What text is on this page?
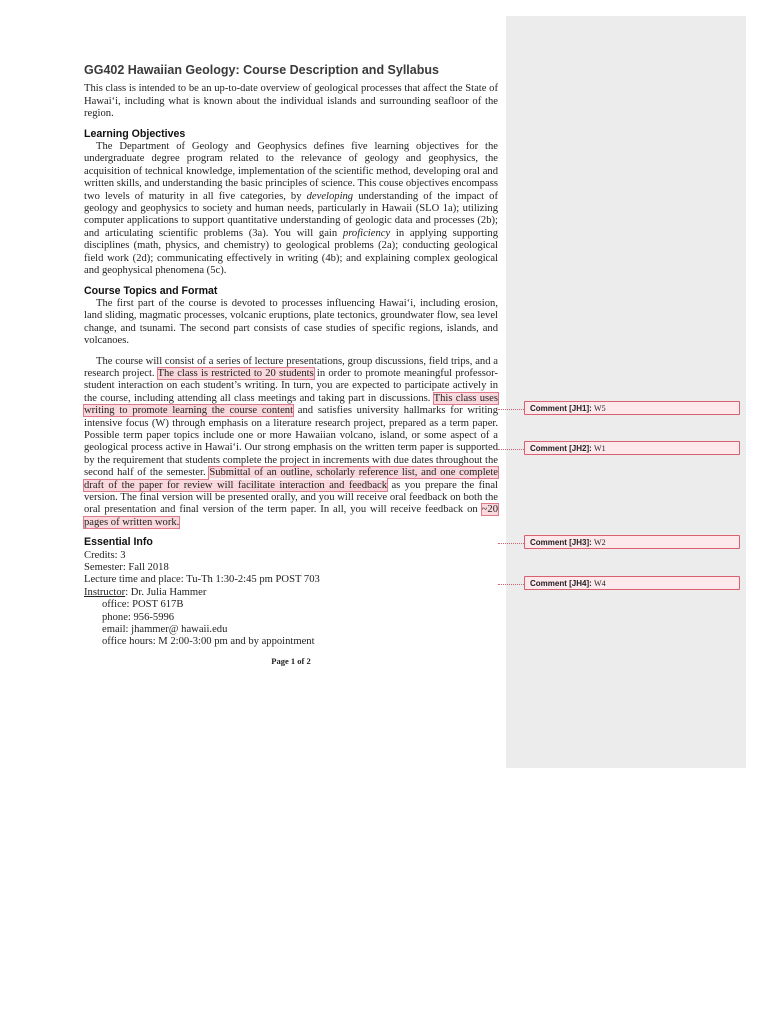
GG402 Hawaiian Geology: Course Description and Syllabus

This class is intended to be an up-to-date overview of geological processes that affect the State of Hawai‘i, including what is known about the individual islands and surrounding seafloor of the region.

Learning Objectives

The Department of Geology and Geophysics defines five learning objectives for the undergraduate degree program related to the relevance of geology and geophysics, the acquisition of technical knowledge, implementation of the scientific method, developing oral and written skills, and understanding the basic principles of science. This couse objectives encompass two levels of maturity in all five categories, by developing understanding of the impact of geology and geophysics to society and human needs, particularly in Hawaii (SLO 1a); utilizing computer applications to support quantitative understanding of geologic data and processes (2b); and articulating scientific problems (3a). You will gain proficiency in applying supporting disciplines (math, physics, and chemistry) to geological problems (2a); conducting geological field work (2d); communicating effectively in writing (4b); and explaining complex geological and geophysical phenomena (5c).

Course Topics and Format

The first part of the course is devoted to processes influencing Hawai‘i, including erosion, land sliding, magmatic processes, volcanic eruptions, plate tectonics, groundwater flow, sea level change, and tsunami. The second part consists of case studies of specific regions, islands, and volcanoes.

The course will consist of a series of lecture presentations, group discussions, field trips, and a research project. The class is restricted to 20 students in order to promote meaningful professor-student interaction on each student’s writing. In turn, you are expected to participate actively in the course, including attending all class meetings and taking part in discussions. This class uses writing to promote learning the course content and satisfies university hallmarks for writing intensive focus (W) through emphasis on a literature research project, prepared as a term paper. Possible term paper topics include one or more Hawaiian volcano, island, or some aspect of a geological process active in Hawai‘i. Our strong emphasis on the written term paper is supported by the requirement that students complete the project in increments with due dates throughout the second half of the semester. Submittal of an outline, scholarly reference list, and one complete draft of the paper for review will facilitate interaction and feedback as you prepare the final version. The final version will be presented orally, and you will receive oral feedback on both the oral presentation and final version of the term paper. In all, you will receive feedback on ~20 pages of written work.

Essential Info
Credits: 3
Semester: Fall 2018
Lecture time and place: Tu-Th 1:30-2:45 pm POST 703
Instructor: Dr. Julia Hammer
office: POST 617B
phone: 956-5996
email: jhammer@ hawaii.edu
office hours: M 2:00-3:00 pm and by appointment
Page 1 of 2
Comment [JH1]: W5
Comment [JH2]: W1
Comment [JH3]: W2
Comment [JH4]: W4
